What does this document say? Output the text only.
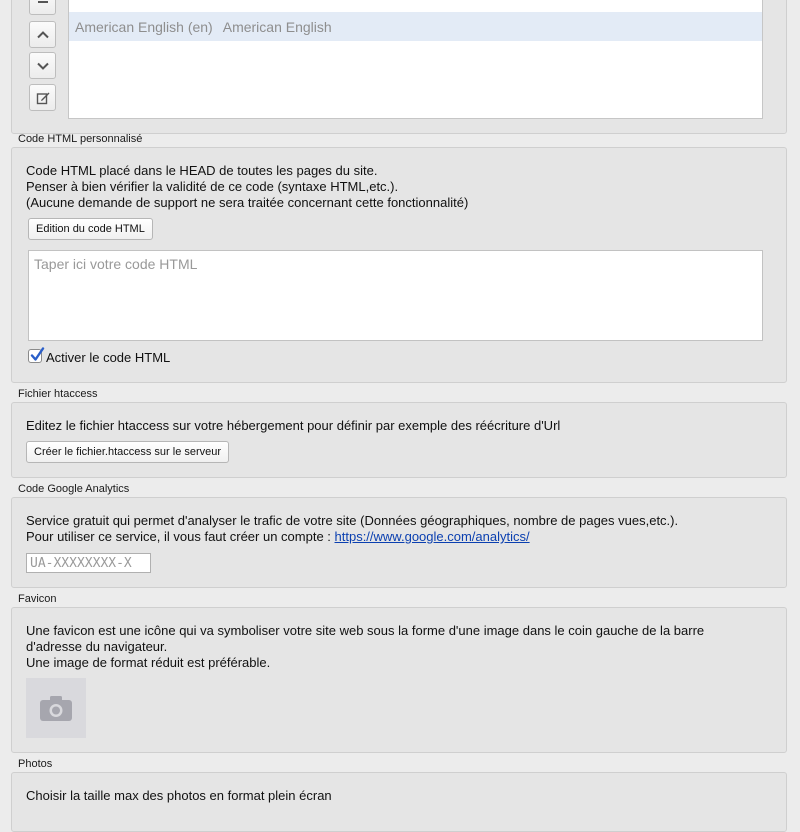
American English (en) American English
Code HTML personnalisé
Code HTML placé dans le HEAD de toutes les pages du site.
Penser à bien vérifier la validité de ce code (syntaxe HTML,etc.).
(Aucune demande de support ne sera traitée concernant cette fonctionnalité)
Edition du code HTML
Taper ici votre code HTML
Activer le code HTML
Fichier htaccess
Editez le fichier htaccess sur votre hébergement pour définir par exemple des réécriture d'Url
Créer le fichier.htaccess sur le serveur
Code Google Analytics
Service gratuit qui permet d'analyser le trafic de votre site (Données géographiques, nombre de pages vues,etc.).
Pour utiliser ce service, il vous faut créer un compte : https://www.google.com/analytics/
UA-XXXXXXXX-X
Favicon
Une favicon est une icône qui va symboliser votre site web sous la forme d'une image dans le coin gauche de la barre
d'adresse du navigateur.
Une image de format réduit est préférable.
Photos
Choisir la taille max des photos en format plein écran
